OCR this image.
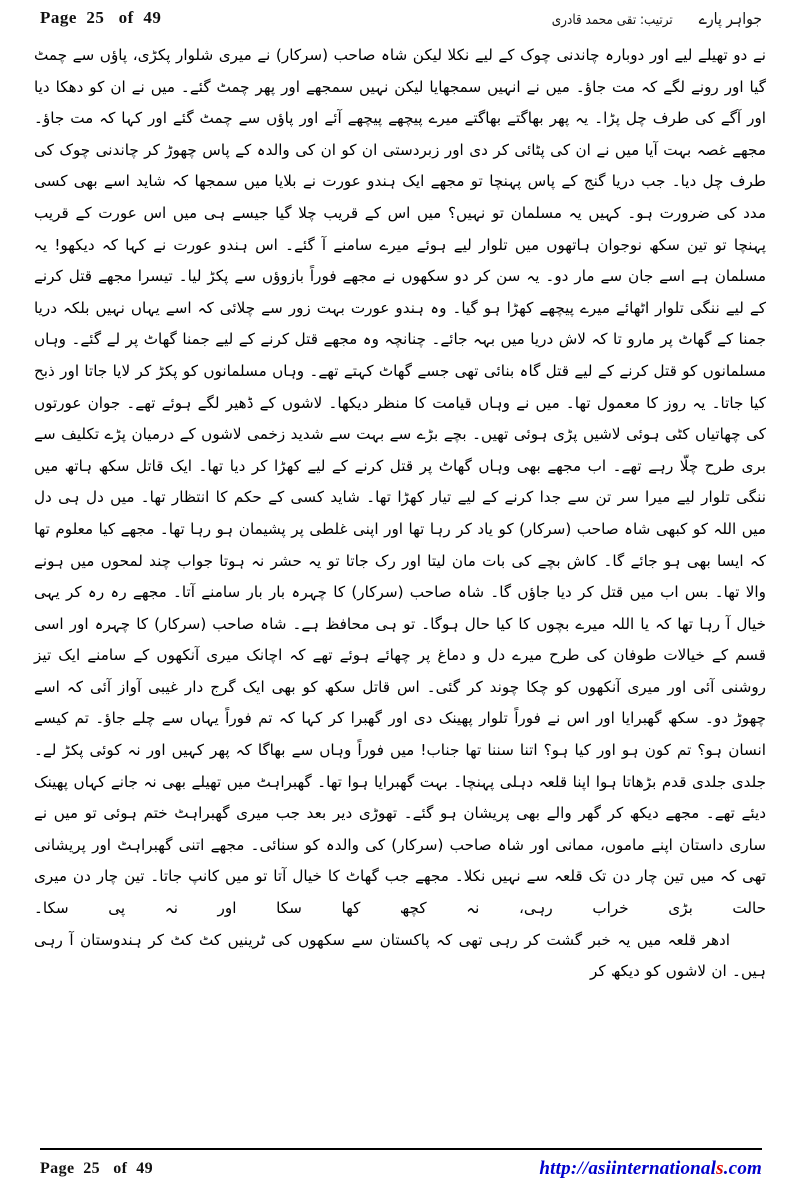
Page  25   of  49	جواہر پارے
ترتیب: تقی محمد قادری

نے دو تھیلے لیے اور دوبارہ چاندنی چوک کے لیے نکلا لیکن شاہ صاحب (سرکار) نے میری شلوار پکڑی، پاؤں سے چمٹ گیا اور رونے لگے کہ مت جاؤ۔ میں نے انہیں سمجھایا لیکن نہیں سمجھے اور پھر چمٹ گئے۔ میں نے ان کو دھکا دیا اور آگے کی طرف چل پڑا۔ یہ پھر بھاگتے بھاگتے میرے پیچھے پیچھے آئے اور پاؤں سے چمٹ گئے اور کہا کہ مت جاؤ۔ مجھے غصہ بہت آیا میں نے ان کی پٹائی کر دی اور زبردستی ان کو ان کی والدہ کے پاس چھوڑ کر چاندنی چوک کی طرف چل دیا۔ جب دریا گنج کے پاس پہنچا تو مجھے ایک ہندو عورت نے بلایا میں سمجھا کہ شاید اسے بھی کسی مدد کی ضرورت ہو۔ کہیں یہ مسلمان تو نہیں؟ میں اس کے قریب چلا گیا جیسے ہی میں اس عورت کے قریب پہنچا تو تین سکھ نوجوان ہاتھوں میں تلوار لیے ہوئے میرے سامنے آ گئے۔ اس ہندو عورت نے کہا کہ دیکھو! یہ مسلمان ہے اسے جان سے مار دو۔ یہ سن کر دو سکھوں نے مجھے فوراً بازوؤں سے پکڑ لیا۔ تیسرا مجھے قتل کرنے کے لیے ننگی تلوار اٹھائے میرے پیچھے کھڑا ہو گیا۔ وہ ہندو عورت بہت زور سے چلائی کہ اسے یہاں نہیں بلکہ دریا جمنا کے گھاٹ پر مارو تا کہ لاش دریا میں بہہ جائے۔ چنانچہ وہ مجھے قتل کرنے کے لیے جمنا گھاٹ پر لے گئے۔ وہاں مسلمانوں کو قتل کرنے کے لیے قتل گاہ بنائی تھی جسے گھاٹ کہتے تھے۔ وہاں مسلمانوں کو پکڑ کر لایا جاتا اور ذبح کیا جاتا۔ یہ روز کا معمول تھا۔ میں نے وہاں قیامت کا منظر دیکھا۔ لاشوں کے ڈھیر لگے ہوئے تھے۔ جوان عورتوں کی چھاتیاں کٹی ہوئی لاشیں پڑی ہوئی تھیں۔ بچے بڑے سے بہت سے شدید زخمی لاشوں کے درمیان پڑے تکلیف سے بری طرح چلّا رہے تھے۔ اب مجھے بھی وہاں گھاٹ پر قتل کرنے کے لیے کھڑا کر دیا تھا۔ ایک قاتل سکھ ہاتھ میں ننگی تلوار لیے میرا سر تن سے جدا کرنے کے لیے تیار کھڑا تھا۔ شاید کسی کے حکم کا انتظار تھا۔ میں دل ہی دل میں اللہ کو کبھی شاہ صاحب (سرکار) کو یاد کر رہا تھا اور اپنی غلطی پر پشیمان ہو رہا تھا۔ مجھے کیا معلوم تھا کہ ایسا بھی ہو جائے گا۔ کاش بچے کی بات مان لیتا اور رک جاتا تو یہ حشر نہ ہوتا جواب چند لمحوں میں ہونے والا تھا۔ بس اب میں قتل کر دیا جاؤں گا۔ شاہ صاحب (سرکار) کا چہرہ بار بار سامنے آتا۔ مجھے رہ رہ کر یہی خیال آ رہا تھا کہ یا اللہ میرے بچوں کا کیا حال ہوگا۔ تو ہی محافظ ہے۔ شاہ صاحب (سرکار) کا چہرہ اور اسی قسم کے خیالات طوفان کی طرح میرے دل و دماغ پر چھائے ہوئے تھے کہ اچانک میری آنکھوں کے سامنے ایک تیز روشنی آئی اور میری آنکھوں کو چکا چوند کر گئی۔ اس قاتل سکھ کو بھی ایک گرج دار غیبی آواز آئی کہ اسے چھوڑ دو۔ سکھ گھبرایا اور اس نے فوراً تلوار پھینک دی اور گھبرا کر کہا کہ تم فوراً یہاں سے چلے جاؤ۔ تم کیسے انسان ہو؟ تم کون ہو اور کیا ہو؟ اتنا سننا تھا جناب! میں فوراً وہاں سے بھاگا کہ پھر کہیں اور نہ کوئی پکڑ لے۔ جلدی جلدی قدم بڑھاتا ہوا اپنا قلعہ دہلی پہنچا۔ بہت گھبرایا ہوا تھا۔ گھبراہٹ میں تھیلے بھی نہ جانے کہاں پھینک دیئے تھے۔ مجھے دیکھ کر گھر والے بھی پریشان ہو گئے۔ تھوڑی دیر بعد جب میری گھبراہٹ ختم ہوئی تو میں نے ساری داستان اپنے ماموں، ممانی اور شاہ صاحب (سرکار) کی والدہ کو سنائی۔ مجھے اتنی گھبراہٹ اور پریشانی تھی کہ میں تین چار دن تک قلعہ سے نہیں نکلا۔ مجھے جب گھاٹ کا خیال آتا تو میں کانپ جاتا۔ تین چار دن میری حالت بڑی خراب رہی، نہ کچھ کھا سکا اور نہ پی سکا۔

ادھر قلعہ میں یہ خبر گشت کر رہی تھی کہ پاکستان سے سکھوں کی ٹرینیں کٹ کٹ کر ہندوستان آ رہی ہیں۔ ان لاشوں کو دیکھ کر

Page  25   of  49	http://asiinternationals.com
